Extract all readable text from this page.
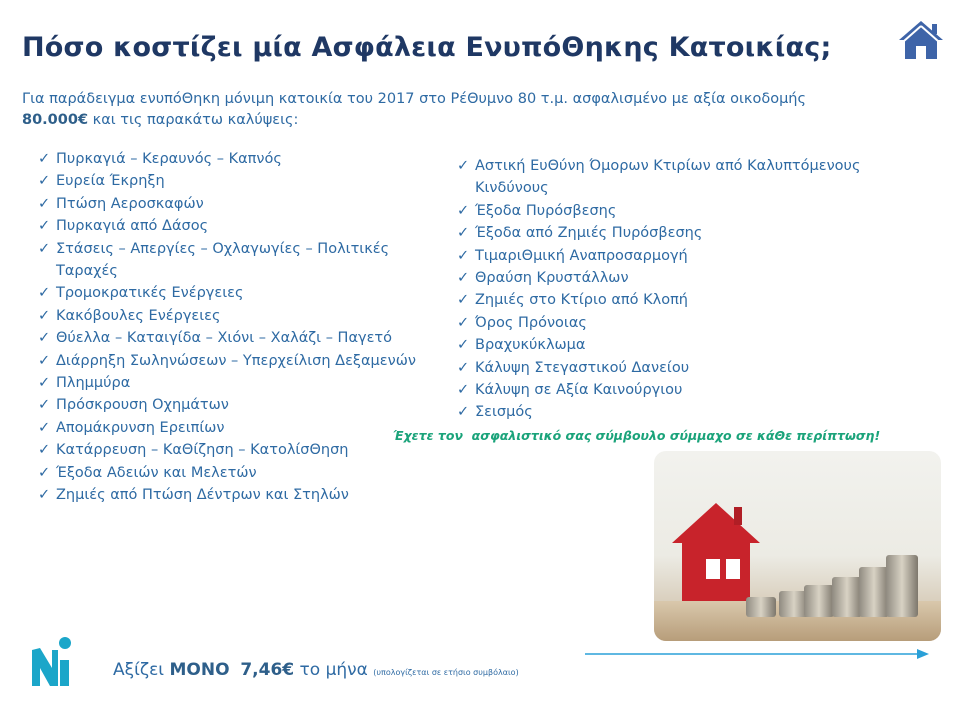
Πόσο κοστίζει μία Ασφάλεια ΕνυπόΘηκης Κατοικίας;
Για παράδειγμα ενυπόΘηκη μόνιμη κατοικία του 2017 στο ΡέΘυμνο 80 τ.μ. ασφαλισμένο με αξία οικοδομής
80.000€ και τις παρακάτω καλύψεις:
✓ Πυρκαγιά – Κεραυνός – Καπνός
✓ Ευρεία Έκρηξη
✓ Πτώση Αεροσκαφών
✓ Πυρκαγιά από Δάσος
✓ Στάσεις – Απεργίες – Οχλαγωγίες – Πολιτικές Ταραχές
✓ Τρομοκρατικές Ενέργειες
✓ Κακόβουλες Ενέργειες
✓ Θύελλα – Καταιγίδα – Χιόνι – Χαλάζι – Παγετό
✓ Διάρρηξη Σωληνώσεων – Υπερχείλιση Δεξαμενών
✓ Πλημμύρα
✓ Πρόσκρουση Οχημάτων
✓ Απομάκρυνση Ερειπίων
✓ Κατάρρευση – ΚαΘίζηση – ΚατολίσΘηση
✓ Έξοδα Αδειών και Μελετών
✓ Ζημιές από Πτώση Δέντρων και Στηλών
✓ Αστική ΕυΘύνη Όμορων Κτιρίων από Καλυπτόμενους Κινδύνους
✓ Έξοδα Πυρόσβεσης
✓ Έξοδα από Ζημιές Πυρόσβεσης
✓ ΤιμαριΘμική Αναπροσαρμογή
✓ Θραύση Κρυστάλλων
✓ Ζημιές στο Κτίριο από Κλοπή
✓ Όρος Πρόνοιας
✓ Βραχυκύκλωμα
✓ Κάλυψη Στεγαστικού Δανείου
✓ Κάλυψη σε Αξία Καινούργιου
✓ Σεισμός
Έχετε τον  ασφαλιστικό σας σύμβουλο σύμμαχο σε κάΘε περίπτωση!
Αξίζει ΜΟΝΟ 7,46€ το μήνα (υπολογίζεται σε ετήσιο συμβόλαιο)
